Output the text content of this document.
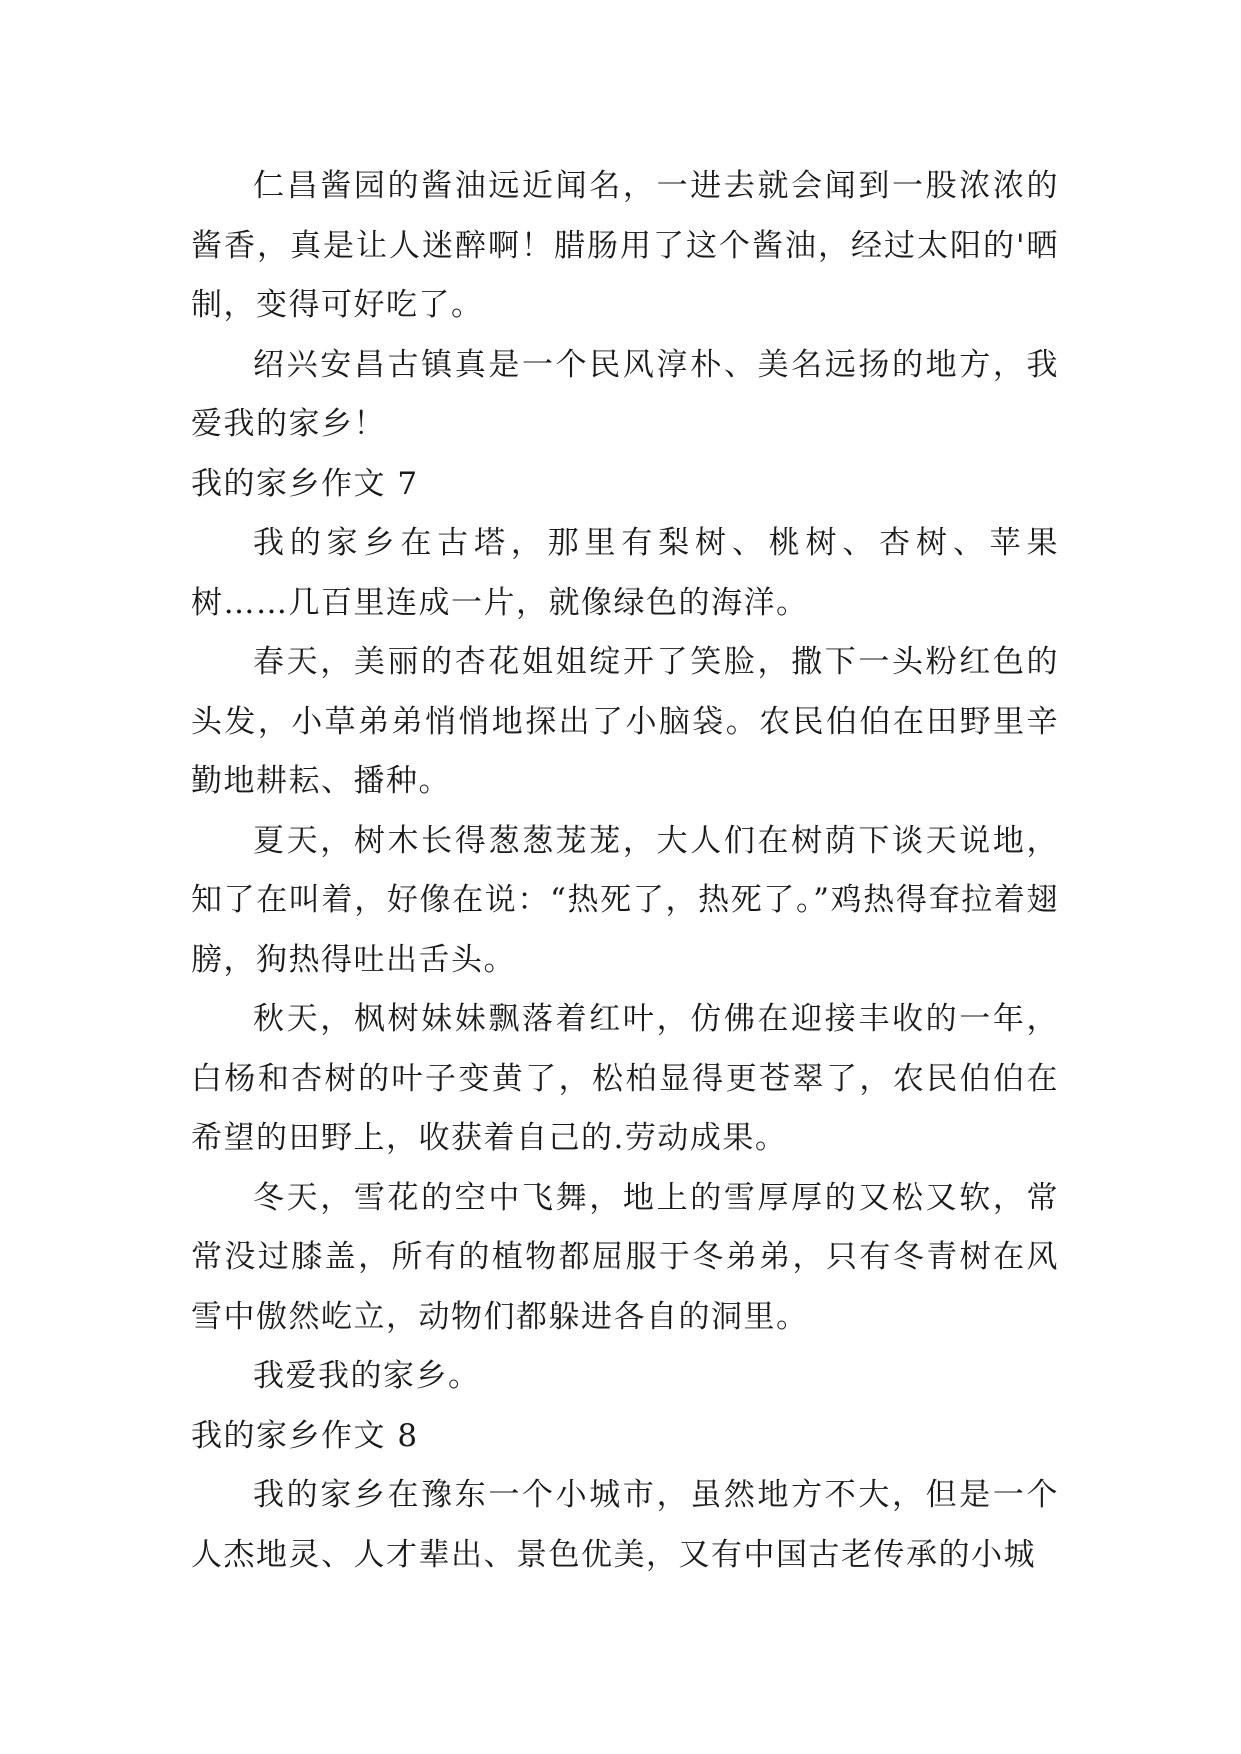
仁昌酱园的酱油远近闻名，一进去就会闻到一股浓浓的酱香，真是让人迷醉啊！腊肠用了这个酱油，经过太阳的'晒制，变得可好吃了。

绍兴安昌古镇真是一个民风淳朴、美名远扬的地方，我爱我的家乡！

我的家乡作文 7

我的家乡在古塔，那里有梨树、桃树、杏树、苹果树……几百里连成一片，就像绿色的海洋。

春天，美丽的杏花姐姐绽开了笑脸，撒下一头粉红色的头发，小草弟弟悄悄地探出了小脑袋。农民伯伯在田野里辛勤地耕耘、播种。

夏天，树木长得葱葱茏茏，大人们在树荫下谈天说地，知了在叫着，好像在说：“热死了，热死了。”鸡热得耷拉着翅膀，狗热得吐出舌头。

秋天，枫树妹妹飘落着红叶，仿佛在迎接丰收的一年，白杨和杏树的叶子变黄了，松柏显得更苍翠了，农民伯伯在希望的田野上，收获着自己的.劳动成果。

冬天，雪花的空中飞舞，地上的雪厚厚的又松又软，常常没过膝盖，所有的植物都屈服于冬弟弟，只有冬青树在风雪中傲然屹立，动物们都躲进各自的洞里。

我爱我的家乡。

我的家乡作文 8

我的家乡在豫东一个小城市，虽然地方不大，但是一个人杰地灵、人才辈出、景色优美，又有中国古老传承的小城
